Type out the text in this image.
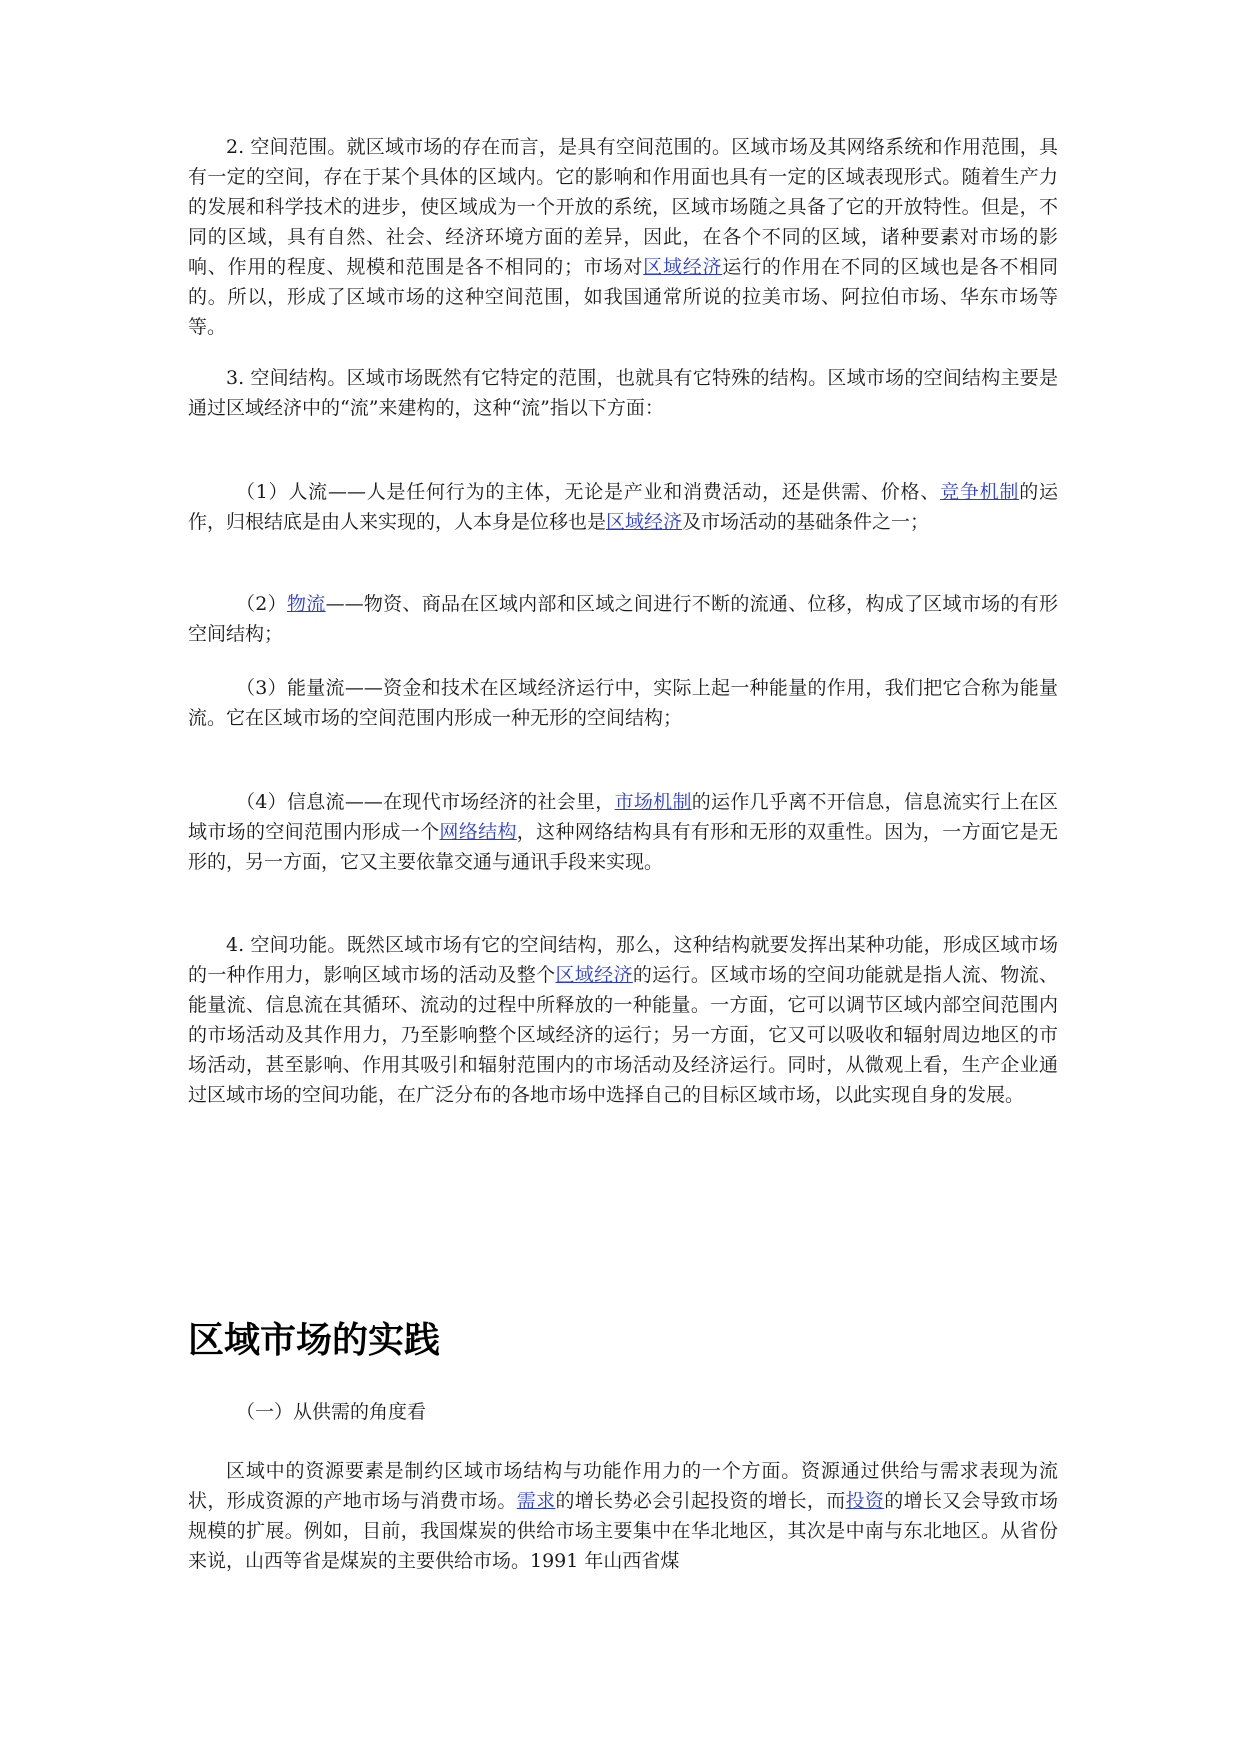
2. 空间范围。就区域市场的存在而言，是具有空间范围的。区域市场及其网络系统和作用范围，具有一定的空间，存在于某个具体的区域内。它的影响和作用面也具有一定的区域表现形式。随着生产力的发展和科学技术的进步，使区域成为一个开放的系统，区域市场随之具备了它的开放特性。但是，不同的区域，具有自然、社会、经济环境方面的差异，因此，在各个不同的区域，诸种要素对市场的影响、作用的程度、规模和范围是各不相同的；市场对区域经济运行的作用在不同的区域也是各不相同的。所以，形成了区域市场的这种空间范围，如我国通常所说的拉美市场、阿拉伯市场、华东市场等等。

3. 空间结构。区域市场既然有它特定的范围，也就具有它特殊的结构。区域市场的空间结构主要是通过区域经济中的“流”来建构的，这种“流”指以下方面：

（1）人流——人是任何行为的主体，无论是产业和消费活动，还是供需、价格、竞争机制的运作，归根结底是由人来实现的，人本身是位移也是区域经济及市场活动的基础条件之一；

（2）物流——物资、商品在区域内部和区域之间进行不断的流通、位移，构成了区域市场的有形空间结构；

（3）能量流——资金和技术在区域经济运行中，实际上起一种能量的作用，我们把它合称为能量流。它在区域市场的空间范围内形成一种无形的空间结构；

（4）信息流——在现代市场经济的社会里，市场机制的运作几乎离不开信息，信息流实行上在区域市场的空间范围内形成一个网络结构，这种网络结构具有有形和无形的双重性。因为，一方面它是无形的，另一方面，它又主要依靠交通与通讯手段来实现。

4. 空间功能。既然区域市场有它的空间结构，那么，这种结构就要发挥出某种功能，形成区域市场的一种作用力，影响区域市场的活动及整个区域经济的运行。区域市场的空间功能就是指人流、物流、能量流、信息流在其循环、流动的过程中所释放的一种能量。一方面，它可以调节区域内部空间范围内的市场活动及其作用力，乃至影响整个区域经济的运行；另一方面，它又可以吸收和辐射周边地区的市场活动，甚至影响、作用其吸引和辐射范围内的市场活动及经济运行。同时，从微观上看，生产企业通过区域市场的空间功能，在广泛分布的各地市场中选择自己的目标区域市场，以此实现自身的发展。

区域市场的实践
（一）从供需的角度看

区域中的资源要素是制约区域市场结构与功能作用力的一个方面。资源通过供给与需求表现为流状，形成资源的产地市场与消费市场。需求的增长势必会引起投资的增长，而投资的增长又会导致市场规模的扩展。例如，目前，我国煤炭的供给市场主要集中在华北地区，其次是中南与东北地区。从省份来说，山西等省是煤炭的主要供给市场。1991 年山西省煤
